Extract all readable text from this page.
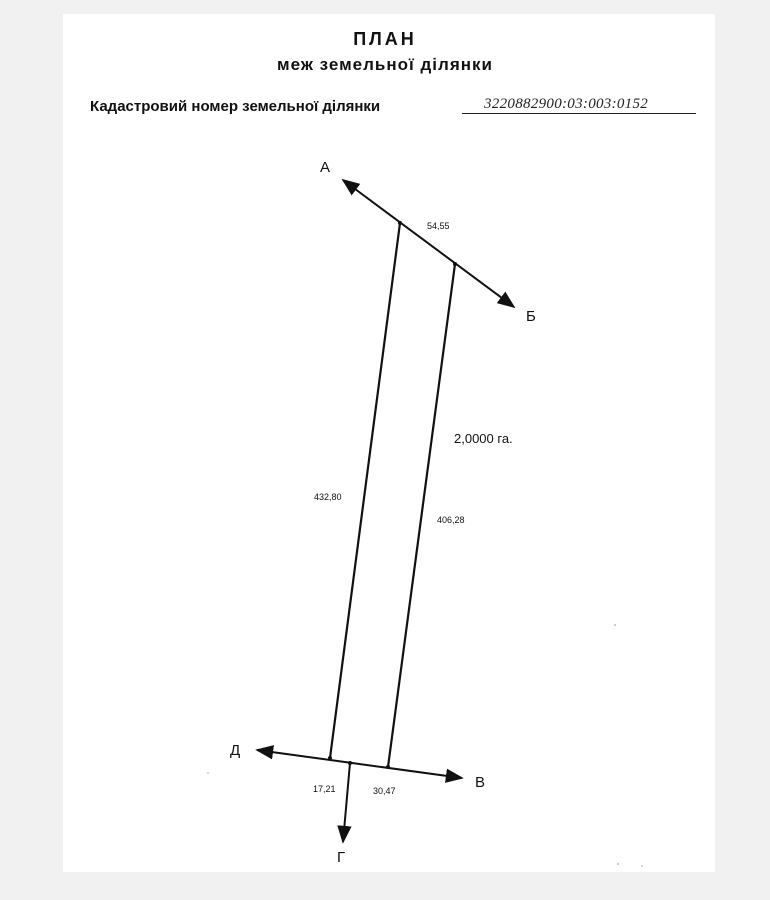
ПЛАН
меж земельної ділянки
Кадастровий номер земельної ділянки	3220882900:03:003:0152
А
Б
В
Г
Д
54,55
432,80
406,28
17,21	30,47
2,0000 га.
